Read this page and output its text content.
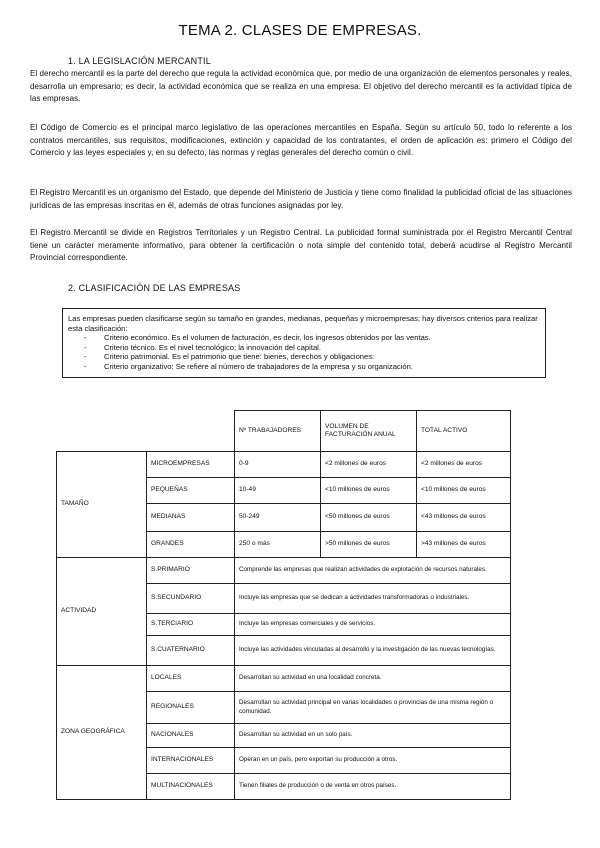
TEMA 2. CLASES DE EMPRESAS.
1. LA LEGISLACIÓN MERCANTIL
El derecho mercantil es la parte del derecho que regula la actividad económica que, por medio de una organización de elementos personales y reales, desarrolla un empresario; es decir, la actividad económica que se realiza en una empresa. El objetivo del derecho mercantil es la actividad típica de las empresas.
El Código de Comercio es el principal marco legislativo de las operaciones mercantiles en España. Según su artículo 50, todo lo referente a los contratos mercantiles, sus requisitos, modificaciones, extinción y capacidad de los contratantes, el orden de aplicación es: primero el Código del Comercio y las leyes especiales y, en su defecto, las normas y reglas generales del derecho común o civil.
El Registro Mercantil es un organismo del Estado, que depende del Ministerio de Justicia y tiene como finalidad la publicidad oficial de las situaciones jurídicas de las empresas inscritas en él, además de otras funciones asignadas por ley.
El Registro Mercantil se divide en Registros Territoriales y un Registro Central. La publicidad formal suministrada por el Registro Mercantil Central tiene un carácter meramente informativo, para obtener la certificación o nota simple del contenido total, deberá acudirse al Registro Mercantil Provincial correspondiente.
2. CLASIFICACIÓN DE LAS EMPRESAS
Las empresas pueden clasificarse según su tamaño en grandes, medianas, pequeñas y microempresas; hay diversos criterios para realizar esta clasificación:
- Criterio económico. Es el volumen de facturación, es decir, los ingresos obtenidos por las ventas.
- Criterio técnico. Es el nivel tecnológico; la innovación del capital.
- Criterio patrimonial. Es el patrimonio que tiene: bienes, derechos y obligaciones:
- Criterio organizativo: Se refiere al número de trabajadores de la empresa y su organización.
		Nº TRABAJADORES	VOLUMEN DE FACTURACIÓN ANUAL	TOTAL ACTIVO
TAMAÑO	MICROEMPRESAS	0-9	<2 millones de euros	<2 millones de euros
	PEQUEÑAS	10-49	<10 millones de euros	<10 millones de euros
	MEDIANAS	50-249	<50 millones de euros	<43 millones de euros
	GRANDES	250 o más	>50 millones de euros	>43 millones de euros
ACTIVIDAD	S.PRIMARIO	Comprende las empresas que realizan actividades de explotación de recursos naturales.		
	S.SECUNDARIO	Incluye las empresas que se dedican a actividades transformadoras o industriales.		
	S.TERCIARIO	Incluye las empresas comerciales y de servicios.		
	S.CUATERNARIO	Incluye las actividades vinculadas al desarrollo y la investigación de las nuevas tecnologías.		
ZONA GEOGRÁFICA	LOCALES	Desarrollan su actividad en una localidad concreta.		
	REGIONALES	Desarrollan su actividad principal en varias localidades o provincias de una misma región o comunidad.		
	NACIONALES	Desarrollan su actividad en un solo país.		
	INTERNACIONALES	Operan en un país, pero exportan su producción a otros.		
	MULTINACIONALES	Tienen filiales de producción o de venta en otros países.		
